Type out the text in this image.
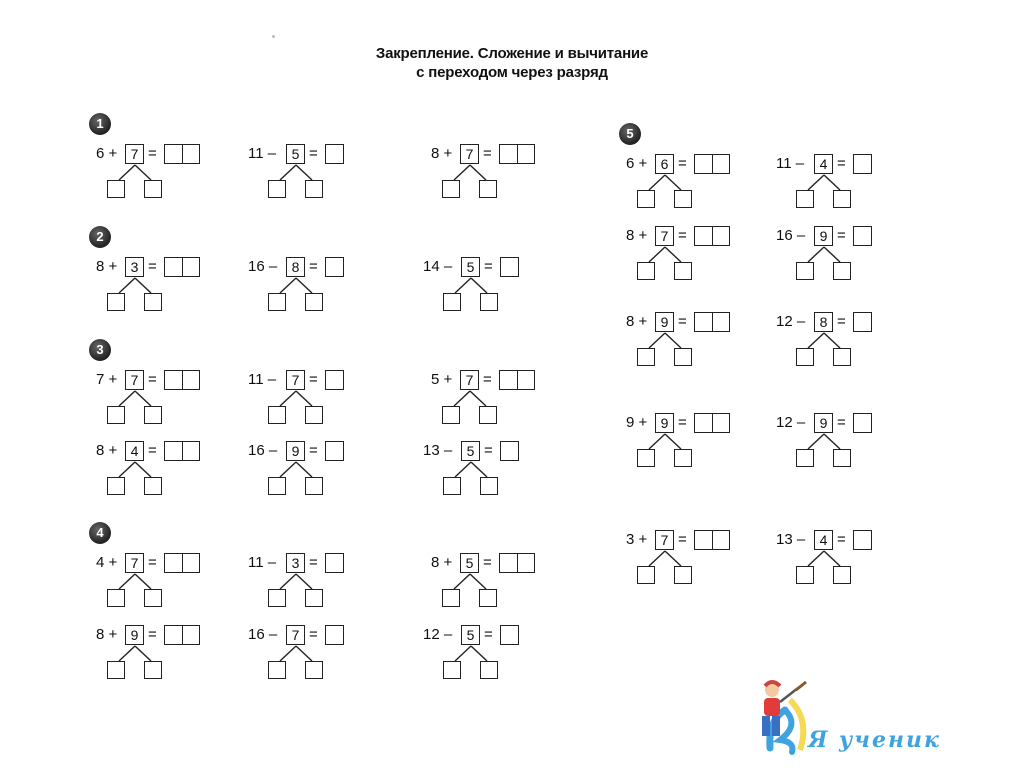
Закрепление. Сложение и вычитание
с переходом через разряд
1
2
3
4
5
6 + 7 =	11 –	5 =	8 + 7 =
8 + 3 =	16 –	8 =	14 –	5 =
7 + 7 =	11 –	7 =	5 + 7 =
8 + 4 =	16 –	9 =	13 –	5 =
4 + 7 =	11 –	3 =	8 + 5 =
8 + 9 =	16 –	7 =	12 –	5 =
6 + 6 =	11 –	4 =
8 + 7 =	16 –	9 =
8 + 9 =	12 –	8 =
9 + 9 =	12 –	9 =
3 + 7 =	13 –	4 =
Я ученик
